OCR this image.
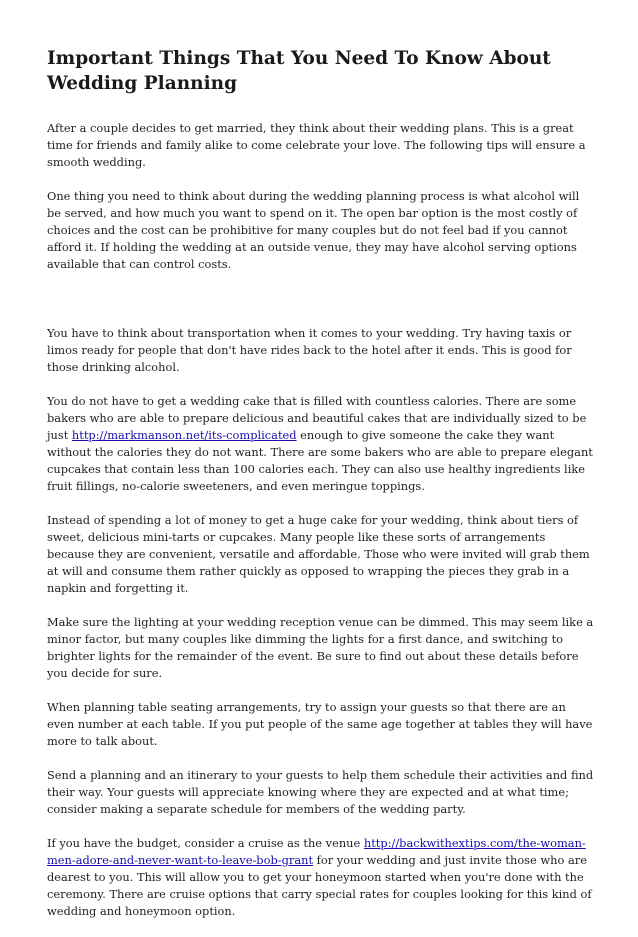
Important Things That You Need To Know About Wedding Planning

After a couple decides to get married, they think about their wedding plans. This is a great time for friends and family alike to come celebrate your love. The following tips will ensure a smooth wedding.

One thing you need to think about during the wedding planning process is what alcohol will be served, and how much you want to spend on it. The open bar option is the most costly of choices and the cost can be prohibitive for many couples but do not feel bad if you cannot afford it. If holding the wedding at an outside venue, they may have alcohol serving options available that can control costs.

You have to think about transportation when it comes to your wedding. Try having taxis or limos ready for people that don't have rides back to the hotel after it ends. This is good for those drinking alcohol.

You do not have to get a wedding cake that is filled with countless calories. There are some bakers who are able to prepare delicious and beautiful cakes that are individually sized to be just http://markmanson.net/its-complicated enough to give someone the cake they want without the calories they do not want. There are some bakers who are able to prepare elegant cupcakes that contain less than 100 calories each. They can also use healthy ingredients like fruit fillings, no-calorie sweeteners, and even meringue toppings.

Instead of spending a lot of money to get a huge cake for your wedding, think about tiers of sweet, delicious mini-tarts or cupcakes. Many people like these sorts of arrangements because they are convenient, versatile and affordable. Those who were invited will grab them at will and consume them rather quickly as opposed to wrapping the pieces they grab in a napkin and forgetting it.

Make sure the lighting at your wedding reception venue can be dimmed. This may seem like a minor factor, but many couples like dimming the lights for a first dance, and switching to brighter lights for the remainder of the event. Be sure to find out about these details before you decide for sure.

When planning table seating arrangements, try to assign your guests so that there are an even number at each table. If you put people of the same age together at tables they will have more to talk about.

Send a planning and an itinerary to your guests to help them schedule their activities and find their way. Your guests will appreciate knowing where they are expected and at what time; consider making a separate schedule for members of the wedding party.

If you have the budget, consider a cruise as the venue http://backwithextips.com/the-woman-men-adore-and-never-want-to-leave-bob-grant for your wedding and just invite those who are dearest to you. This will allow you to get your honeymoon started when you're done with the ceremony. There are cruise options that carry special rates for couples looking for this kind of wedding and honeymoon option.
